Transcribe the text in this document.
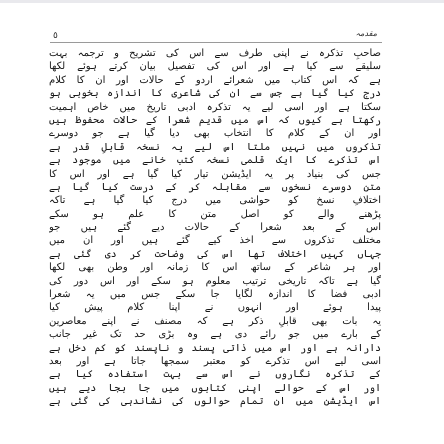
٥	مقدمہ
صاحبِ تذکرہ نے اپنی طرف سے اس کی تشریح و ترجمہ بہت
سلیقے سے کیا ہے اور اس کی تفصیل بیان کرتے ہوئے لکھا
ہے کہ اس کتاب میں شعرائے اردو کے حالات اور ان کا کلام
درج کیا گیا ہے جس سے ان کی شاعری کا اندازہ بخوبی ہو
سکتا ہے اور اسی لیے یہ تذکرہ ادبی تاریخ میں خاص اہمیت
رکھتا ہے کیوں کہ اس میں قدیم شعرا کے حالات محفوظ ہیں
اور ان کے کلام کا انتخاب بھی دیا گیا ہے جو دوسرے
تذکروں میں نہیں ملتا اس لیے یہ نسخہ قابلِ قدر ہے
اس تذکرے کا ایک قلمی نسخہ کتب خانے میں موجود ہے
جس کی بنیاد پر یہ ایڈیشن تیار کیا گیا ہے اور اس کا
متن دوسرے نسخوں سے مقابلہ کر کے درست کیا گیا ہے
اختلافِ نسخ کو حواشی میں درج کیا گیا ہے تاکہ
پڑھنے والے کو اصل متن کا علم ہو سکے
اس کے بعد شعرا کے حالات دیے گئے ہیں جو
مختلف تذکروں سے اخذ کیے گئے ہیں اور ان میں
جہاں کہیں اختلاف تھا اس کی وضاحت کر دی گئی ہے
اور ہر شاعر کے ساتھ اس کا زمانہ اور وطن بھی لکھا
گیا ہے تاکہ تاریخی ترتیب معلوم ہو سکے اور اس دور کی
ادبی فضا کا اندازہ لگایا جا سکے جس میں یہ شعرا
پیدا ہوئے اور انہوں نے اپنا کلام پیش کیا
یہ بات بھی قابلِ ذکر ہے کہ مصنف نے اپنے معاصرین
کے بارے میں جو رائے دی ہے وہ بڑی حد تک غیر جانب
دارانہ ہے اور اس میں ذاتی پسند و ناپسند کو کم دخل ہے
اسی لیے اس تذکرے کو معتبر سمجھا جاتا ہے اور بعد
کے تذکرہ نگاروں نے اس سے بہت استفادہ کیا ہے
اور اس کے حوالے اپنی کتابوں میں جا بجا دیے ہیں
اس ایڈیشن میں ان تمام حوالوں کی نشاندہی کی گئی ہے
